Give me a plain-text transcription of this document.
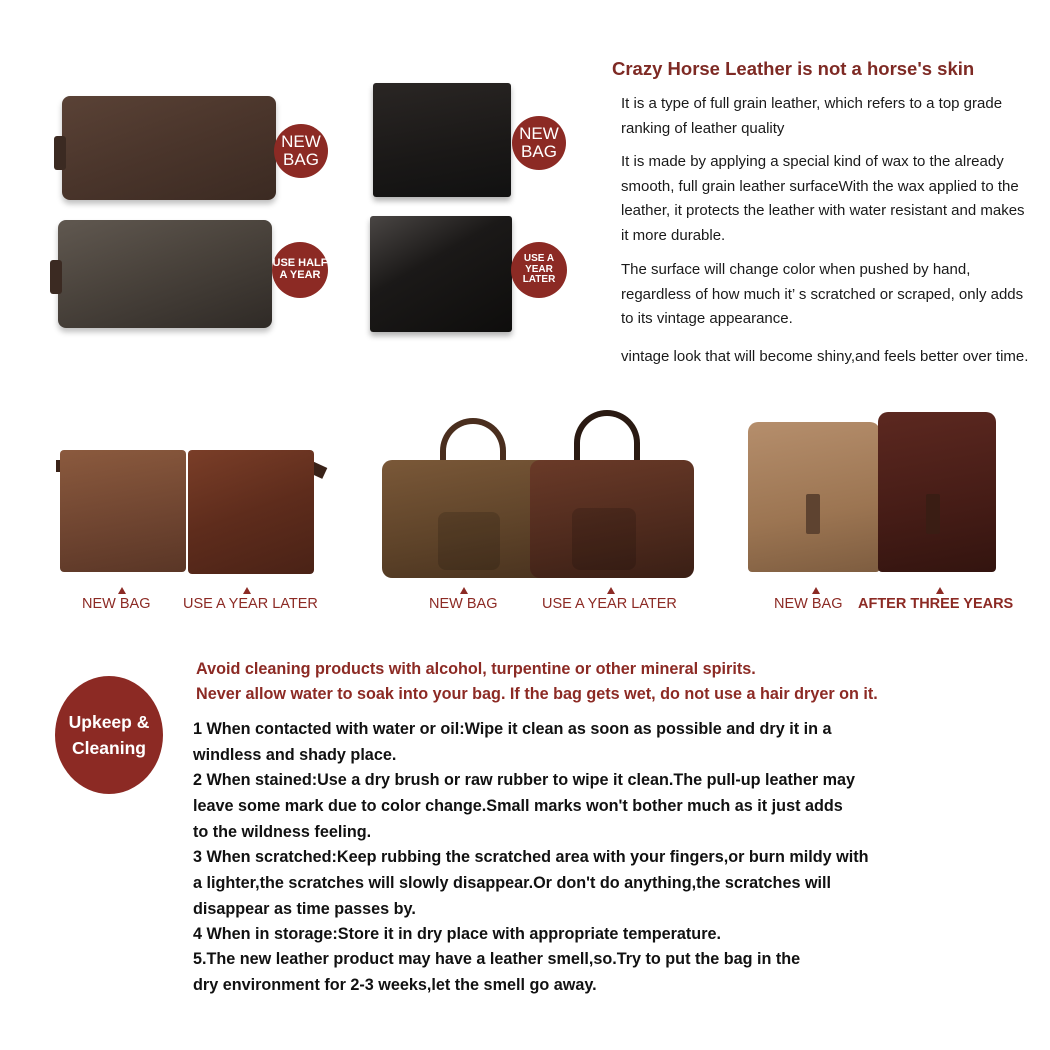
NEW
BAG
USE HALF
A YEAR
NEW
BAG
USE A YEAR
LATER
Crazy Horse Leather is not a horse's skin
It is a type of full grain leather, which refers to a top grade ranking of leather quality
It is made by applying a special kind of wax to the already smooth, full grain leather surfaceWith the wax applied to the leather, it protects the leather with water resistant and makes it more durable.
The surface will change color when pushed by hand, regardless of how much it’ s scratched or scraped, only adds to its vintage appearance.
vintage look that will become shiny,and feels better over time.
NEW BAG USE A YEAR LATER	NEW BAG	USE A YEAR LATER	NEW BAG AFTER THREE YEARS
Avoid cleaning products with alcohol, turpentine or other mineral spirits.
Never allow water to soak into your bag. If the bag gets wet, do not use a hair dryer on it.
Upkeep &
Cleaning
1 When contacted with water or oil:Wipe it clean as soon as possible and dry it in a
windless and shady place.
2 When stained:Use a dry brush or raw rubber to wipe it clean.The pull-up leather may
leave some mark due to color change.Small marks won't bother much as it just adds
to the wildness feeling.
3 When scratched:Keep rubbing the scratched area with your fingers,or burn mildy with
a lighter,the scratches will slowly disappear.Or don't do anything,the scratches will
disappear as time passes by.
4 When in storage:Store it in dry place with appropriate temperature.
5.The new leather product may have a leather smell,so.Try to put the bag in the
dry environment for 2-3 weeks,let the smell go away.
